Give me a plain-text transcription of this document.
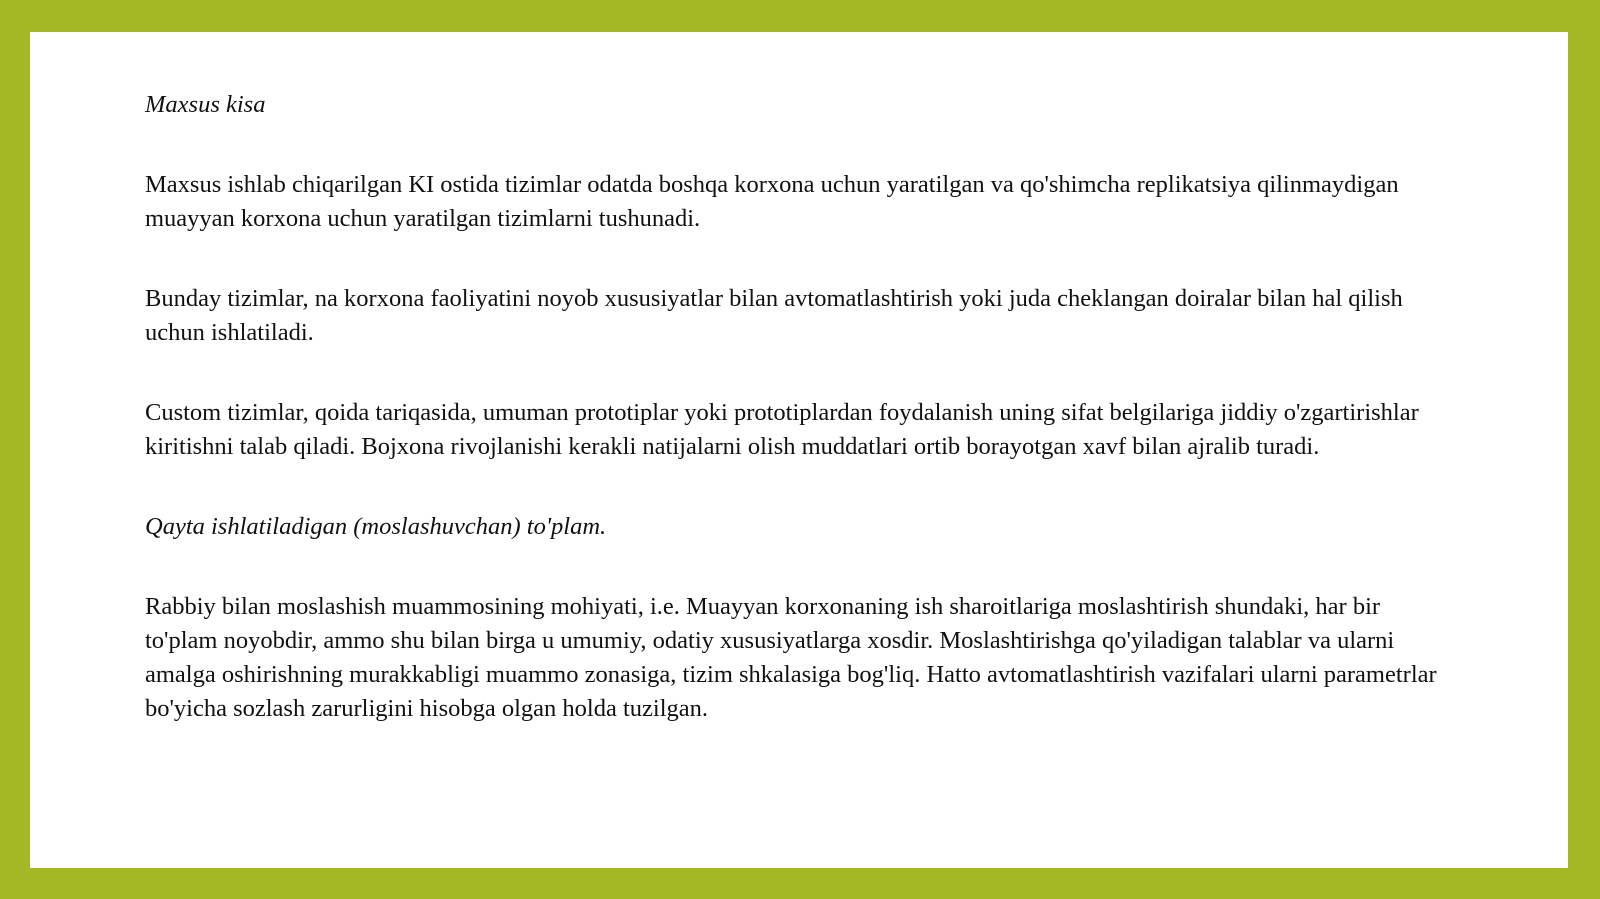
Maxsus kisa

Maxsus ishlab chiqarilgan KI ostida tizimlar odatda boshqa korxona uchun yaratilgan va qo'shimcha replikatsiya qilinmaydigan muayyan korxona uchun yaratilgan tizimlarni tushunadi.

Bunday tizimlar, na korxona faoliyatini noyob xususiyatlar bilan avtomatlashtirish yoki juda cheklangan doiralar bilan hal qilish uchun ishlatiladi.

Custom tizimlar, qoida tariqasida, umuman prototiplar yoki prototiplardan foydalanish uning sifat belgilariga jiddiy o'zgartirishlar kiritishni talab qiladi. Bojxona rivojlanishi kerakli natijalarni olish muddatlari ortib borayotgan xavf bilan ajralib turadi.

Qayta ishlatiladigan (moslashuvchan) to'plam.

Rabbiy bilan moslashish muammosining mohiyati, i.e. Muayyan korxonaning ish sharoitlariga moslashtirish shundaki, har bir to'plam noyobdir, ammo shu bilan birga u umumiy, odatiy xususiyatlarga xosdir. Moslashtirishga qo'yiladigan talablar va ularni amalga oshirishning murakkabligi muammo zonasiga, tizim shkalasiga bog'liq. Hatto avtomatlashtirish vazifalari ularni parametrlar bo'yicha sozlash zarurligini hisobga olgan holda tuzilgan.
